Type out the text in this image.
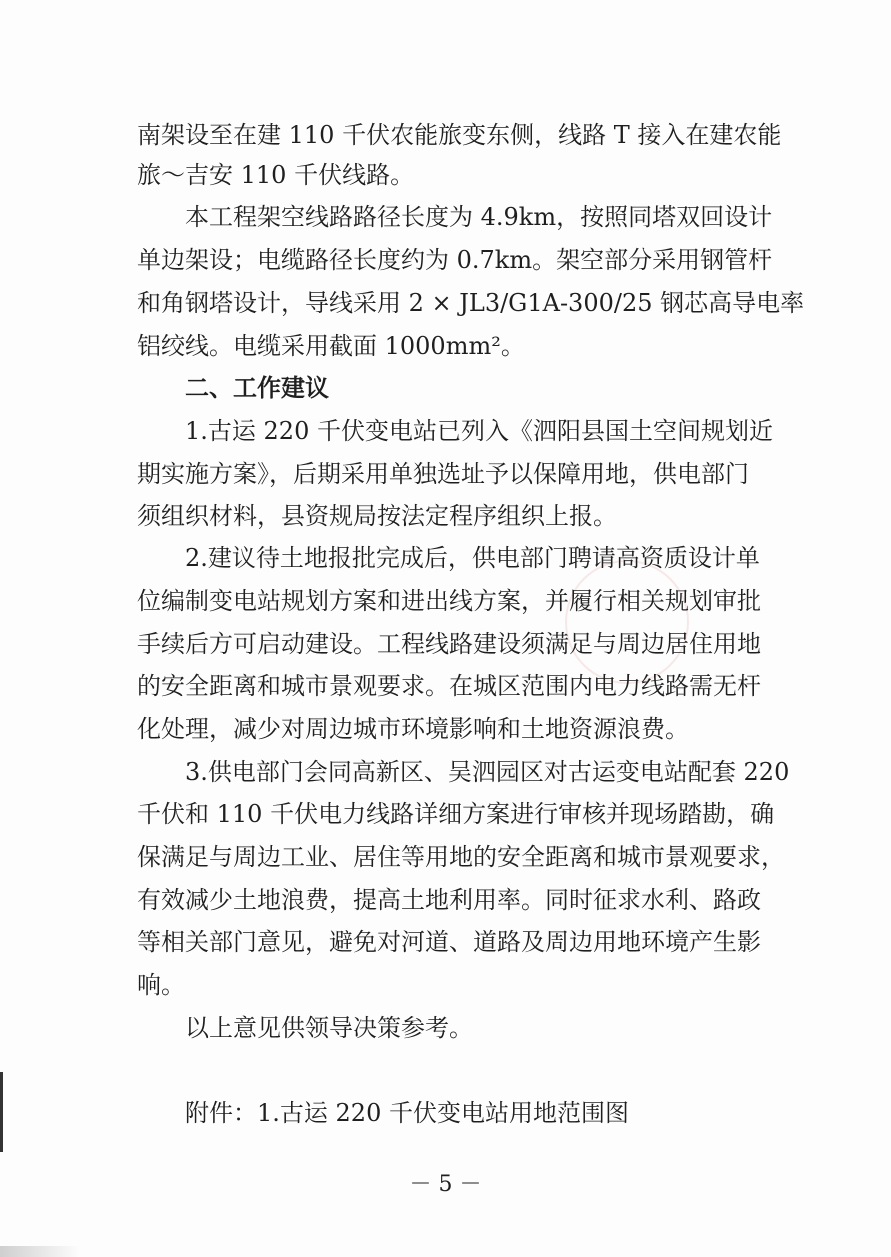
南架设至在建 110 千伏农能旅变东侧，线路 T 接入在建农能

旅～吉安 110 千伏线路。

本工程架空线路路径长度为 4.9km，按照同塔双回设计

单边架设；电缆路径长度约为 0.7km。架空部分采用钢管杆

和角钢塔设计，导线采用 2 × JL3/G1A-300/25 钢芯高导电率

铝绞线。电缆采用截面 1000mm²。

二、工作建议

1.古运 220 千伏变电站已列入《泗阳县国土空间规划近

期实施方案》，后期采用单独选址予以保障用地，供电部门

须组织材料，县资规局按法定程序组织上报。

2.建议待土地报批完成后，供电部门聘请高资质设计单

位编制变电站规划方案和进出线方案，并履行相关规划审批

手续后方可启动建设。工程线路建设须满足与周边居住用地

的安全距离和城市景观要求。在城区范围内电力线路需无杆

化处理，减少对周边城市环境影响和土地资源浪费。

3.供电部门会同高新区、吴泗园区对古运变电站配套 220

千伏和 110 千伏电力线路详细方案进行审核并现场踏勘，确

保满足与周边工业、居住等用地的安全距离和城市景观要求，

有效减少土地浪费，提高土地利用率。同时征求水利、路政

等相关部门意见，避免对河道、道路及周边用地环境产生影

响。

以上意见供领导决策参考。

附件：1.古运 220 千伏变电站用地范围图

－ 5 －
